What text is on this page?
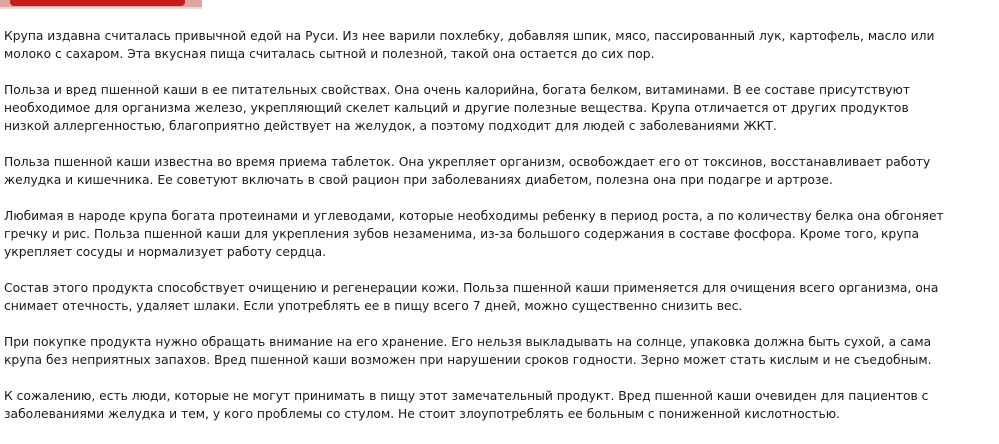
Крупа издавна считалась привычной едой на Руси. Из нее варили похлебку, добавляя шпик, мясо, пассированный лук, картофель, масло или молоко с сахаром. Эта вкусная пища считалась сытной и полезной, такой она остается до сих пор.

Польза и вред пшенной каши в ее питательных свойствах. Она очень калорийна, богата белком, витаминами. В ее составе присутствуют необходимое для организма железо, укрепляющий скелет кальций и другие полезные вещества. Крупа отличается от других продуктов низкой аллергенностью, благоприятно действует на желудок, а поэтому подходит для людей с заболеваниями ЖКТ.

Польза пшенной каши известна во время приема таблеток. Она укрепляет организм, освобождает его от токсинов, восстанавливает работу желудка и кишечника. Ее советуют включать в свой рацион при заболеваниях диабетом, полезна она при подагре и артрозе.

Любимая в народе крупа богата протеинами и углеводами, которые необходимы ребенку в период роста, а по количеству белка она обгоняет гречку и рис. Польза пшенной каши для укрепления зубов незаменима, из-за большого содержания в составе фосфора. Кроме того, крупа укрепляет сосуды и нормализует работу сердца.

Состав этого продукта способствует очищению и регенерации кожи. Польза пшенной каши применяется для очищения всего организма, она снимает отечность, удаляет шлаки. Если употреблять ее в пищу всего 7 дней, можно существенно снизить вес.

При покупке продукта нужно обращать внимание на его хранение. Его нельзя выкладывать на солнце, упаковка должна быть сухой, а сама крупа без неприятных запахов. Вред пшенной каши возможен при нарушении сроков годности. Зерно может стать кислым и не съедобным.

К сожалению, есть люди, которые не могут принимать в пищу этот замечательный продукт. Вред пшенной каши очевиден для пациентов с заболеваниями желудка и тем, у кого проблемы со стулом. Не стоит злоупотреблять ее больным с пониженной кислотностью.
